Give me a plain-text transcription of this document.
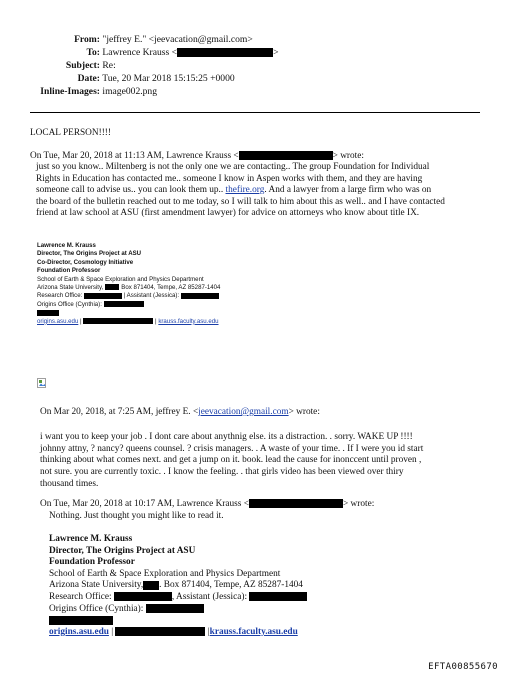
From: "jeffrey E." <jeevacation@gmail.com>
To: Lawrence Krauss <	>
Subject: Re:
Date: Tue, 20 Mar 2018 15:15:25 +0000
Inline-Images: image002.png
LOCAL PERSON!!!!
On Tue, Mar 20, 2018 at 11:13 AM, Lawrence Krauss <	> wrote:
just so you know.. Miltenberg is not the only one we are contacting.. The group Foundation for Individual
Rights in Education has contacted me.. someone I know in Aspen works with them, and they are having
someone call to advise us.. you can look them up.. thefire.org. And a lawyer from a large firm who was on
the board of the bulletin reached out to me today, so I will talk to him about this as well.. and I have contacted
friend at law school at ASU (first amendment lawyer) for advice on attorneys who know about title IX.
Lawrence M. Krauss
Director, The Origins Project at ASU
Co-Director, Cosmology Initiative
Foundation Professor
School of Earth & Space Exploration and Physics Department
Arizona State University,	Box 871404, Tempe, AZ 85287-1404
Research Office:	| Assistant (Jessica):
Origins Office (Cynthia):
origins.asu.edu |	| krauss.faculty.asu.edu
On Mar 20, 2018, at 7:25 AM, jeffrey E. <jeevacation@gmail.com> wrote:
i want you to keep your job . I dont care about anythnig else. its a distraction. . sorry. WAKE UP !!!!
johnny attny, ? nancy? queens counsel. ? crisis managers. . A waste of your time. . If I were you id start
thinking about what comes next. and get a jump on it. book. lead the cause for inonccent until proven ,
not sure. you are currently toxic. . I know the feeling. . that girls video has been viewed over thiry
thousand times.
On Tue, Mar 20, 2018 at 10:17 AM, Lawrence Krauss <	> wrote:
Nothing. Just thought you might like to read it.
Lawrence M. Krauss
Director, The Origins Project at ASU
Foundation Professor
School of Earth & Space Exploration and Physics Department
Arizona State University, . Box 871404, Tempe, AZ 85287-1404
Research Office:	, Assistant (Jessica):
Origins Office (Cynthia):
origins.asu.edu |	|krauss.faculty.asu.edu
EFTA00855670
